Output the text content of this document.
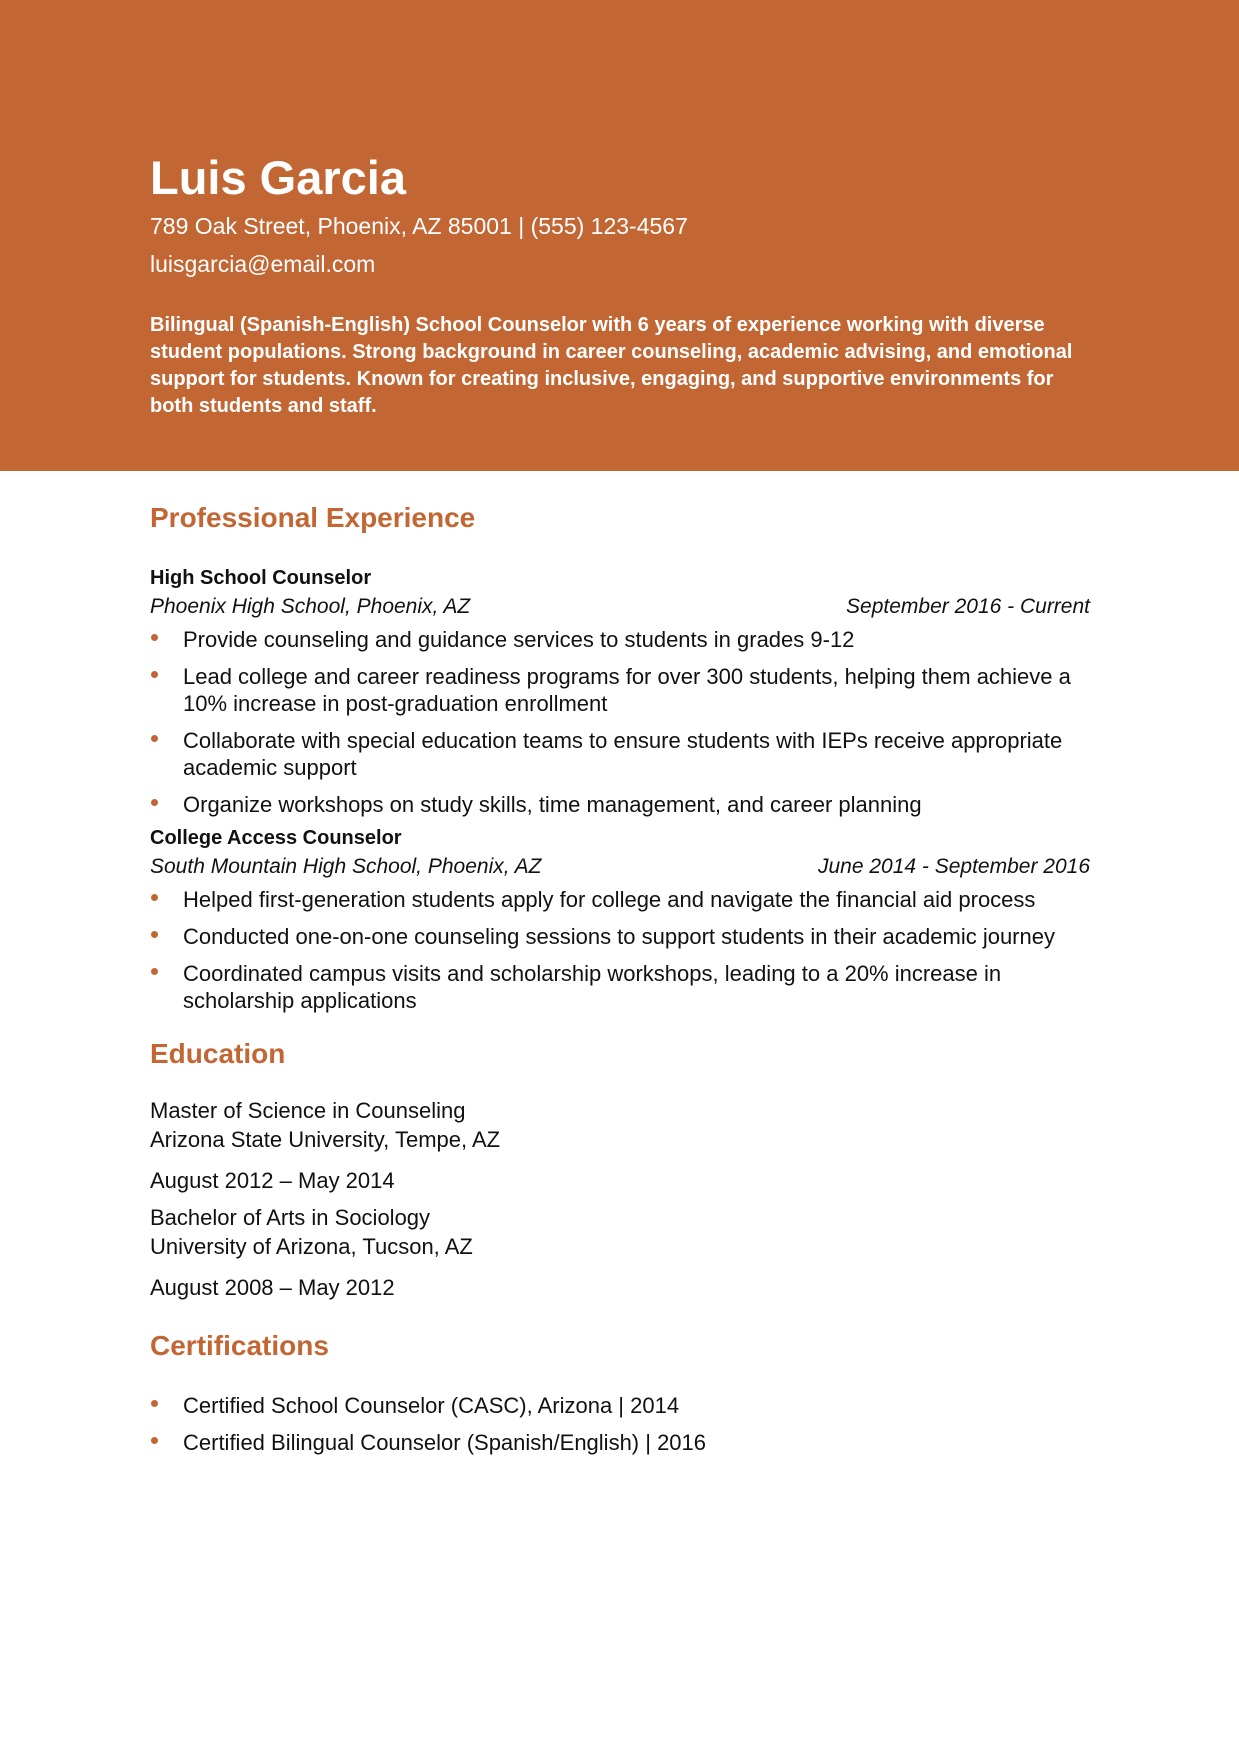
Luis Garcia
789 Oak Street, Phoenix, AZ 85001 | (555) 123-4567
luisgarcia@email.com
Bilingual (Spanish-English) School Counselor with 6 years of experience working with diverse student populations. Strong background in career counseling, academic advising, and emotional support for students. Known for creating inclusive, engaging, and supportive environments for both students and staff.
Professional Experience
High School Counselor
Phoenix High School, Phoenix, AZ	September 2016 - Current
Provide counseling and guidance services to students in grades 9-12
Lead college and career readiness programs for over 300 students, helping them achieve a 10% increase in post-graduation enrollment
Collaborate with special education teams to ensure students with IEPs receive appropriate academic support
Organize workshops on study skills, time management, and career planning
College Access Counselor
South Mountain High School, Phoenix, AZ	June 2014 - September 2016
Helped first-generation students apply for college and navigate the financial aid process
Conducted one-on-one counseling sessions to support students in their academic journey
Coordinated campus visits and scholarship workshops, leading to a 20% increase in scholarship applications
Education
Master of Science in Counseling
Arizona State University, Tempe, AZ
August 2012 – May 2014
Bachelor of Arts in Sociology
University of Arizona, Tucson, AZ
August 2008 – May 2012
Certifications
Certified School Counselor (CASC), Arizona | 2014
Certified Bilingual Counselor (Spanish/English) | 2016
